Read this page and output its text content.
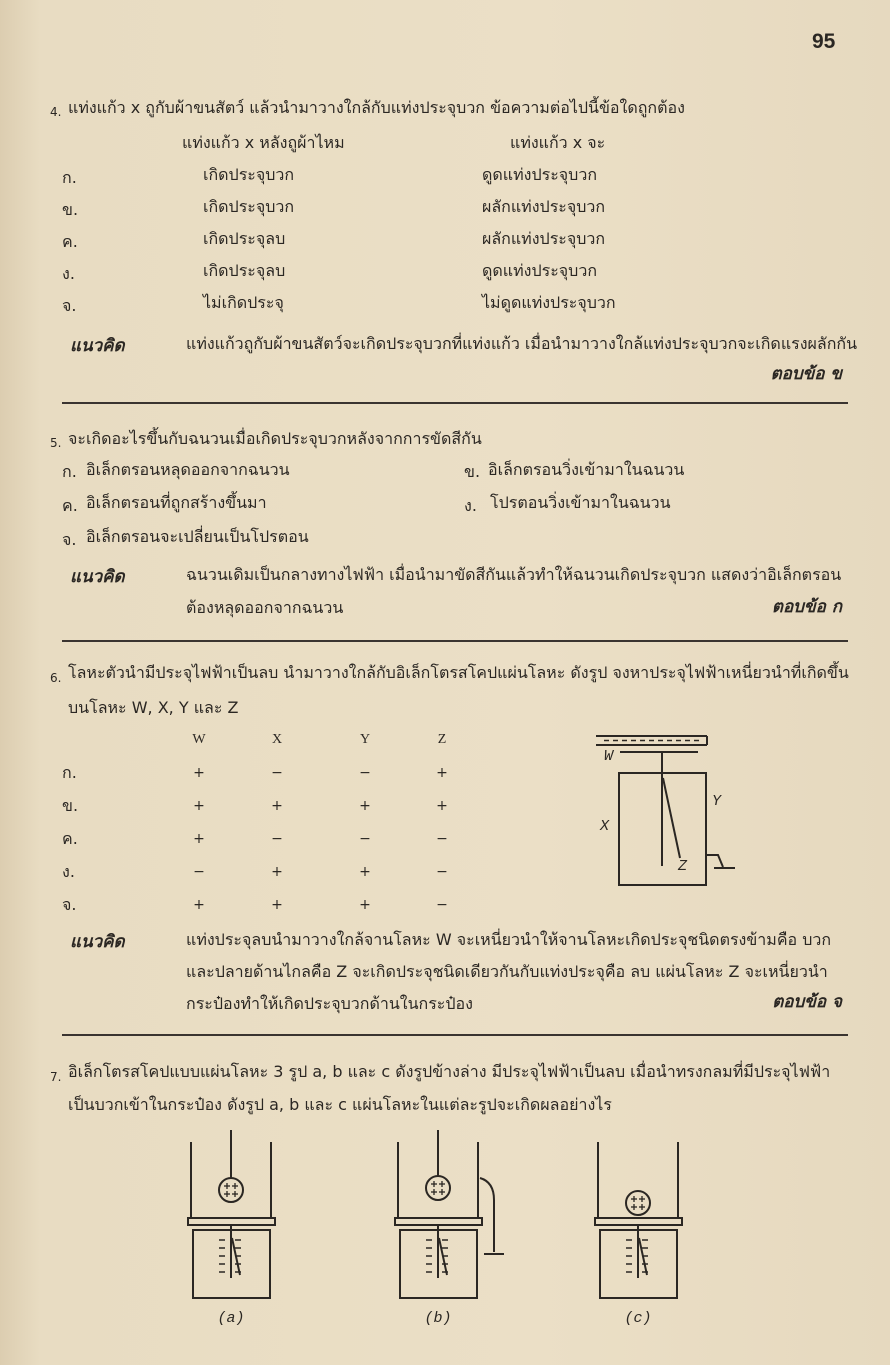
95
4. แท่งแก้ว x ถูกับผ้าขนสัตว์ แล้วนำมาวางใกล้กับแท่งประจุบวก ข้อความต่อไปนี้ข้อใดถูกต้อง
แท่งแก้ว x หลังถูผ้าไหม	แท่งแก้ว x จะ
ก.	เกิดประจุบวก	ดูดแท่งประจุบวก
ข.	เกิดประจุบวก	ผลักแท่งประจุบวก
ค.	เกิดประจุลบ	ผลักแท่งประจุบวก
ง.	เกิดประจุลบ	ดูดแท่งประจุบวก
จ.	ไม่เกิดประจุ	ไม่ดูดแท่งประจุบวก
แนวคิด	แท่งแก้วถูกับผ้าขนสัตว์จะเกิดประจุบวกที่แท่งแก้ว เมื่อนำมาวางใกล้แท่งประจุบวกจะเกิดแรงผลักกัน
ตอบข้อ ข
5. จะเกิดอะไรขึ้นกับฉนวนเมื่อเกิดประจุบวกหลังจากการขัดสีกัน
ก. อิเล็กตรอนหลุดออกจากฉนวน	ข. อิเล็กตรอนวิ่งเข้ามาในฉนวน
ค. อิเล็กตรอนที่ถูกสร้างขึ้นมา	ง. โปรตอนวิ่งเข้ามาในฉนวน
จ. อิเล็กตรอนจะเปลี่ยนเป็นโปรตอน
แนวคิด	ฉนวนเดิมเป็นกลางทางไฟฟ้า เมื่อนำมาขัดสีกันแล้วทำให้ฉนวนเกิดประจุบวก แสดงว่าอิเล็กตรอน
ต้องหลุดออกจากฉนวน	ตอบข้อ ก
6. โลหะตัวนำมีประจุไฟฟ้าเป็นลบ นำมาวางใกล้กับอิเล็กโตรสโคปแผ่นโลหะ ดังรูป จงหาประจุไฟฟ้าเหนี่ยวนำที่เกิดขึ้น
บนโลหะ W, X, Y และ Z
W	X	Y	Z
ก.	+	−	−	+
ข.	+	+	+	+
ค.	+	−	−	−
ง.	−	+	+	−
จ.	+	+	+	−
W
X
Y
Z
แนวคิด	แท่งประจุลบนำมาวางใกล้จานโลหะ W จะเหนี่ยวนำให้จานโลหะเกิดประจุชนิดตรงข้ามคือ บวก
และปลายด้านไกลคือ Z จะเกิดประจุชนิดเดียวกันกับแท่งประจุคือ ลบ แผ่นโลหะ Z จะเหนี่ยวนำ
กระป๋องทำให้เกิดประจุบวกด้านในกระป๋อง	ตอบข้อ จ
7. อิเล็กโตรสโคปแบบแผ่นโลหะ 3 รูป a, b และ c ดังรูปข้างล่าง มีประจุไฟฟ้าเป็นลบ เมื่อนำทรงกลมที่มีประจุไฟฟ้า
เป็นบวกเข้าในกระป๋อง ดังรูป a, b และ c แผ่นโลหะในแต่ละรูปจะเกิดผลอย่างไร
(a)	(b)	(c)
